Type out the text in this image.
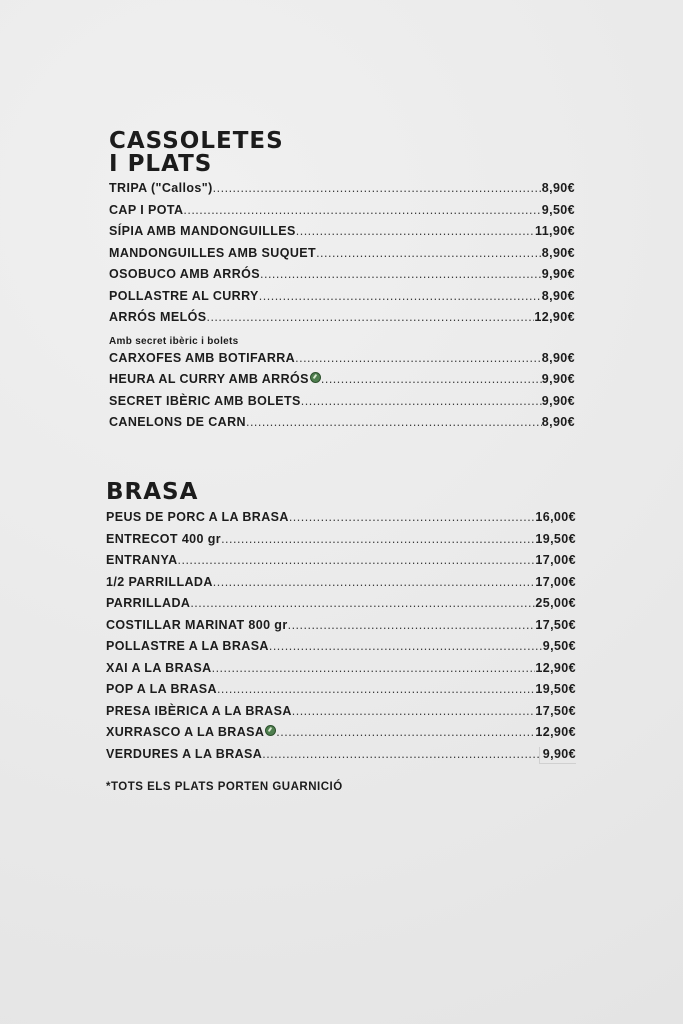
CASSOLETES
I PLATS
TRIPA ("Callos") .....	8,90€
CAP I POTA .....	9,50€
SÍPIA AMB MANDONGUILLES .....	11,90€
MANDONGUILLES AMB SUQUET .....	8,90€
OSOBUCO AMB ARRÓS .....	9,90€
POLLASTRE AL CURRY .....	8,90€
ARRÓS MELÓS .....	12,90€
Amb secret ibèric i bolets
CARXOFES AMB BOTIFARRA .....	8,90€
HEURA AL CURRY AMB ARRÓS .....	9,90€
SECRET IBÈRIC AMB BOLETS .....	9,90€
CANELONS DE CARN .....	8,90€
BRASA
PEUS DE PORC A LA BRASA .....	16,00€
ENTRECOT 400 gr .....	19,50€
ENTRANYA .....	17,00€
1/2 PARRILLADA .....	17,00€
PARRILLADA .....	25,00€
COSTILLAR MARINAT 800 gr .....	17,50€
POLLASTRE A LA BRASA .....	9,50€
XAI A LA BRASA .....	12,90€
POP A LA BRASA .....	19,50€
PRESA IBÈRICA A LA BRASA .....	17,50€
XURRASCO A LA BRASA .....	12,90€
VERDURES A LA BRASA .....	9,90€
*TOTS ELS PLATS PORTEN GUARNICIÓ
